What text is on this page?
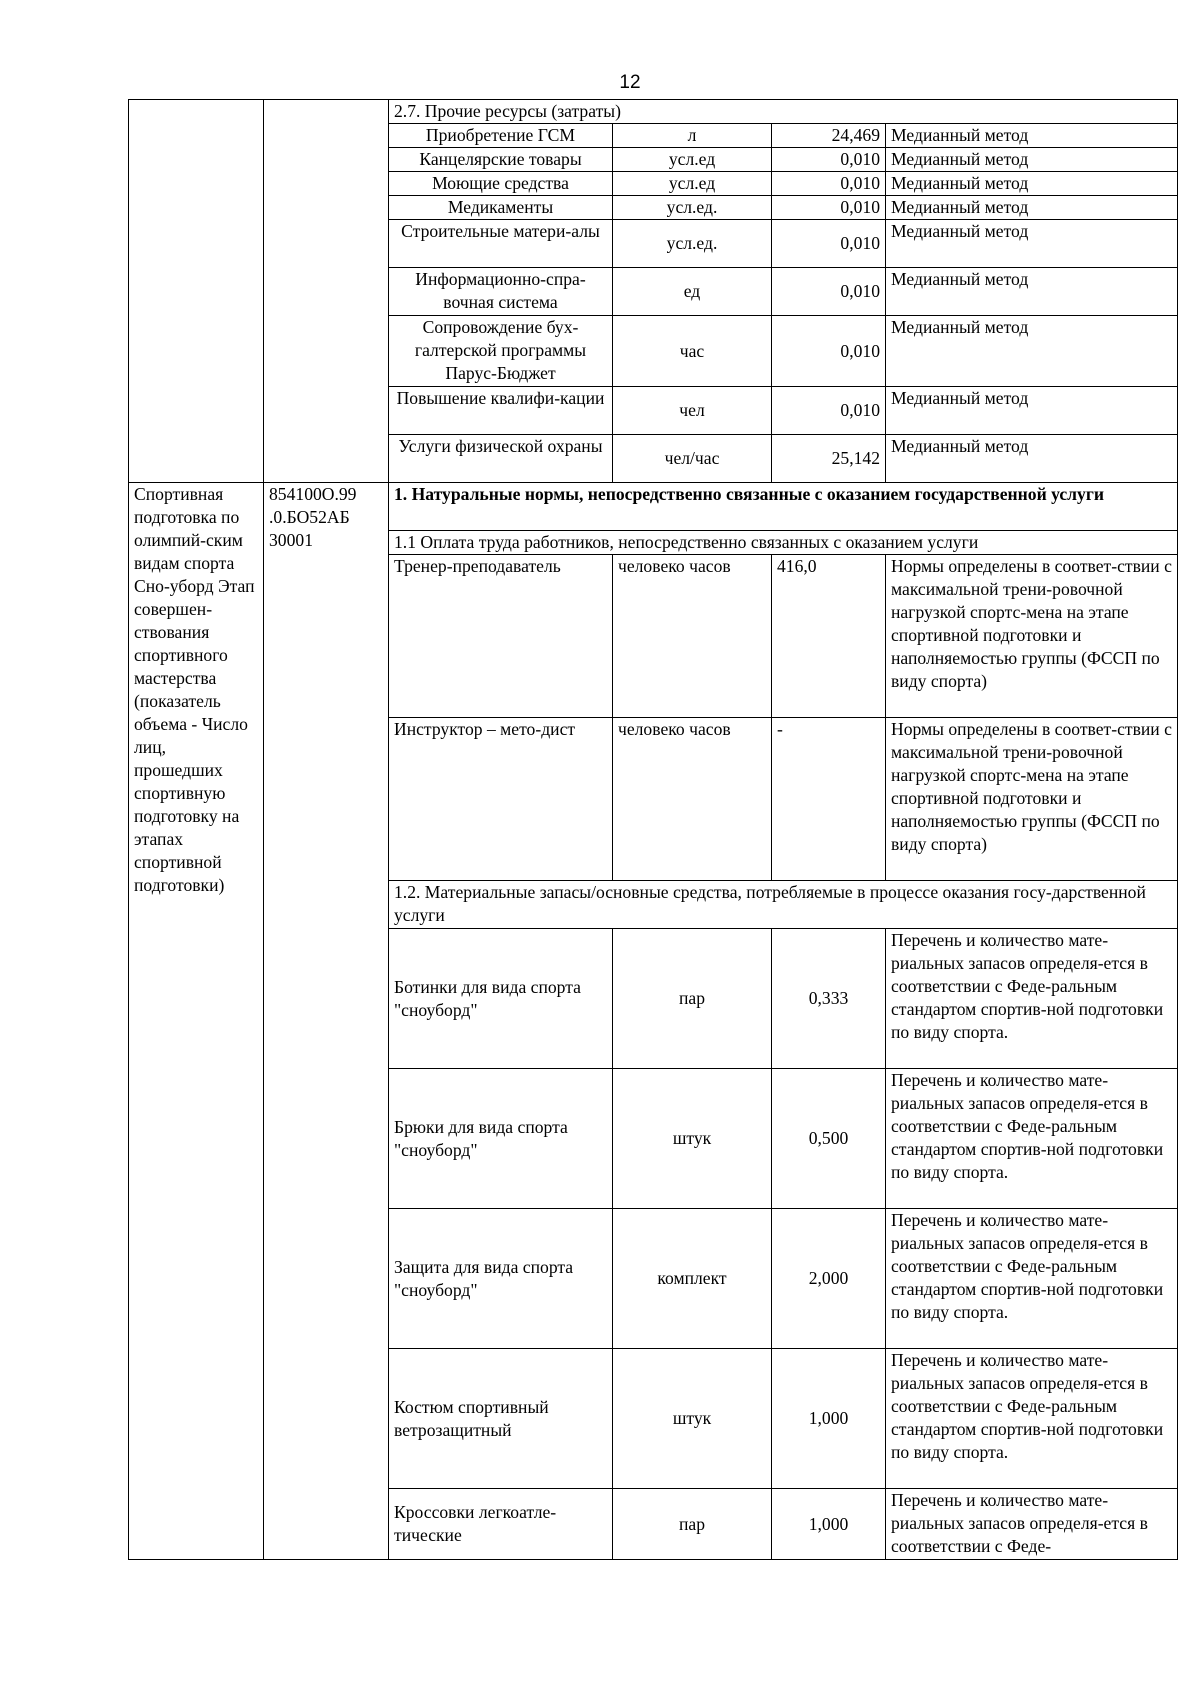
12
		2.7. Прочие ресурсы (затраты)			
		Приобретение ГСМ	л	24,469	Медианный метод
		Канцелярские товары	усл.ед	0,010	Медианный метод
		Моющие средства	усл.ед	0,010	Медианный метод
		Медикаменты	усл.ед.	0,010	Медианный метод
		Строительные матери-алы	усл.ед.	0,010	Медианный метод
		Информационно-спра-вочная система	ед	0,010	Медианный метод
		Сопровождение бух-галтерской программы Парус-Бюджет	час	0,010	Медианный метод
		Повышение квалифи-кации	чел	0,010	Медианный метод
		Услуги физической охраны	чел/час	25,142	Медианный метод
Спортивная подготовка по олимпий-ским видам спорта Сно-уборд Этап совершен-ствования спортивного мастерства (показатель объема - Число лиц, прошедших спортивную подготовку на этапах спортивной подготовки)	854100О.99 .0.БО52АБ 30001	1. Натуральные нормы, непосредственно связанные с оказанием государственной услуги			
		1.1 Оплата труда работников, непосредственно связанных с оказанием услуги			
		Тренер-преподаватель	человеко часов	416,0	Нормы определены в соответ-ствии с максимальной трени-ровочной нагрузкой спортс-мена на этапе спортивной подготовки и наполняемостью группы (ФССП по виду спорта)
		Инструктор – мето-дист	человеко часов	-	Нормы определены в соответ-ствии с максимальной трени-ровочной нагрузкой спортс-мена на этапе спортивной подготовки и наполняемостью группы (ФССП по виду спорта)
		1.2. Материальные запасы/основные средства, потребляемые в процессе оказания госу-дарственной услуги			
		Ботинки для вида спорта "сноуборд"	пар	0,333	Перечень и количество мате-риальных запасов определя-ется в соответствии с Феде-ральным стандартом спортив-ной подготовки по виду спорта.
		Брюки для вида спорта "сноуборд"	штук	0,500	Перечень и количество мате-риальных запасов определя-ется в соответствии с Феде-ральным стандартом спортив-ной подготовки по виду спорта.
		Защита для вида спорта "сноуборд"	комплект	2,000	Перечень и количество мате-риальных запасов определя-ется в соответствии с Феде-ральным стандартом спортив-ной подготовки по виду спорта.
		Костюм спортивный ветрозащитный	штук	1,000	Перечень и количество мате-риальных запасов определя-ется в соответствии с Феде-ральным стандартом спортив-ной подготовки по виду спорта.
		Кроссовки легкоатле-тические	пар	1,000	Перечень и количество мате-риальных запасов определя-ется в соответствии с Феде-
